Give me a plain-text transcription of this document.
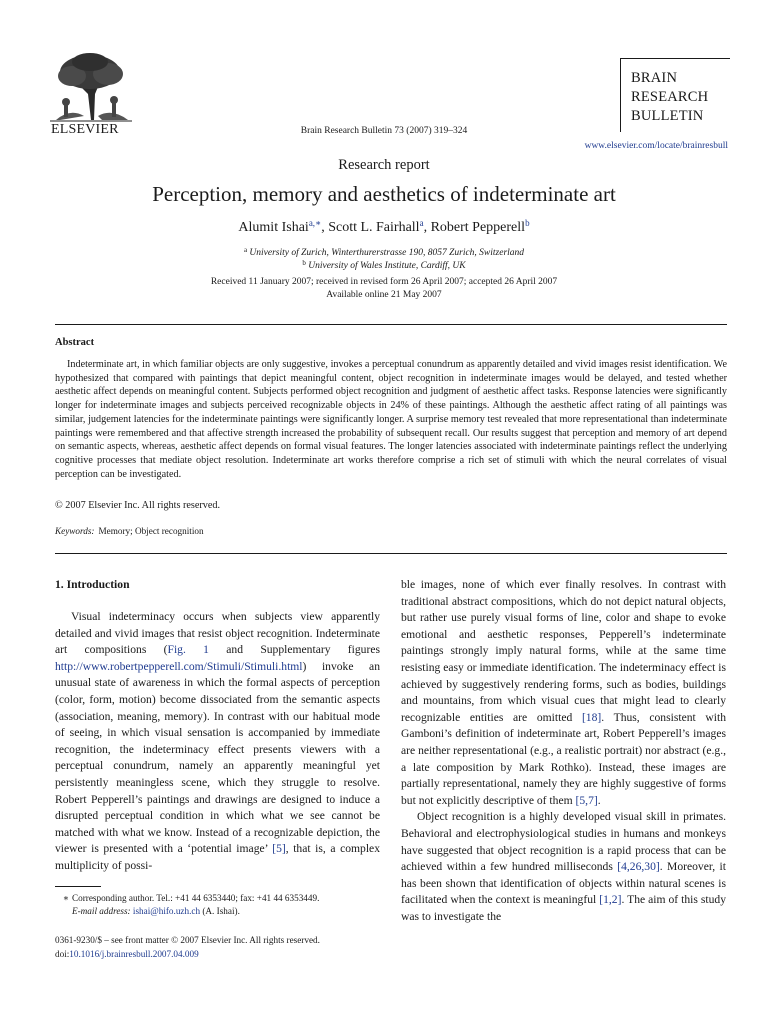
ELSEVIER	Brain Research Bulletin 73 (2007) 319–324
BRAIN
RESEARCH
BULLETIN
www.elsevier.com/locate/brainresbull
Research report
Perception, memory and aesthetics of indeterminate art
Alumit Ishai$^{a,∗}$, Scott L. Fairhall$^a$, Robert Pepperell$^b$
$^a$ University of Zurich, Winterthurerstrasse 190, 8057 Zurich, Switzerland
$^b$ University of Wales Institute, Cardiff, UK
Received 11 January 2007; received in revised form 26 April 2007; accepted 26 April 2007
Available online 21 May 2007
Abstract

Indeterminate art, in which familiar objects are only suggestive, invokes a perceptual conundrum as apparently detailed and vivid images resist identification. We hypothesized that compared with paintings that depict meaningful content, object recognition in indeterminate images would be delayed, and tested whether aesthetic affect depends on meaningful content. Subjects performed object recognition and judgment of aesthetic affect tasks. Response latencies were significantly longer for indeterminate images and subjects perceived recognizable objects in 24% of these paintings. Although the aesthetic affect rating of all paintings was similar, judgement latencies for the indeterminate paintings were significantly longer. A surprise memory test revealed that more representational than indeterminate paintings were remembered and that affective strength increased the probability of subsequent recall. Our results suggest that perception and memory of art depend on semantic aspects, whereas, aesthetic affect depends on formal visual features. The longer latencies associated with indeterminate paintings reflect the underlying cognitive processes that mediate object resolution. Indeterminate art works therefore comprise a rich set of stimuli with which the neural correlates of visual perception can be investigated.

© 2007 Elsevier Inc. All rights reserved.
Keywords: Memory; Object recognition
1. Introduction

Visual indeterminacy occurs when subjects view apparently detailed and vivid images that resist object recognition. Indeterminate art compositions (Fig. 1 and Supplementary figures http://www.robertpepperell.com/Stimuli/Stimuli.html) invoke an unusual state of awareness in which the formal aspects of perception (color, form, motion) become dissociated from the semantic aspects (association, meaning, memory). In contrast with our habitual mode of seeing, in which visual sensation is accompanied by immediate recognition, the indeterminacy effect presents viewers with a perceptual conundrum, namely an apparently meaningful yet persistently meaningless scene, which they struggle to resolve. Robert Pepperell’s paintings and drawings are designed to induce a disrupted perceptual condition in which what we see cannot be matched with what we know. Instead of a recognizable depiction, the viewer is presented with a ‘potential image’ [5], that is, a complex multiplicity of possi-

ble images, none of which ever finally resolves. In contrast with traditional abstract compositions, which do not depict natural objects, but rather use purely visual forms of line, color and shape to evoke emotional and aesthetic responses, Pepperell’s indeterminate paintings strongly imply natural forms, while at the same time resisting easy or immediate identification. The indeterminacy effect is achieved by suggestively rendering forms, such as bodies, buildings and mountains, from which visual cues that might lead to clearly recognizable entities are omitted [18]. Thus, consistent with Gamboni’s definition of indeterminate art, Robert Pepperell’s images are neither representational (e.g., a realistic portrait) nor abstract (e.g., a late composition by Mark Rothko). Instead, these images are partially representational, namely they are highly suggestive of forms but not explicitly descriptive of them [5,7].

Object recognition is a highly developed visual skill in primates. Behavioral and electrophysiological studies in humans and monkeys have suggested that object recognition is a rapid process that can be achieved within a few hundred milliseconds [4,26,30]. Moreover, it has been shown that identification of objects within natural scenes is facilitated when the context is meaningful [1,2]. The aim of this study was to investigate the

∗ Corresponding author. Tel.: +41 44 6353440; fax: +41 44 6353449.
E-mail address: ishai@hifo.uzh.ch (A. Ishai).
0361-9230/$ – see front matter © 2007 Elsevier Inc. All rights reserved.
doi:10.1016/j.brainresbull.2007.04.009
